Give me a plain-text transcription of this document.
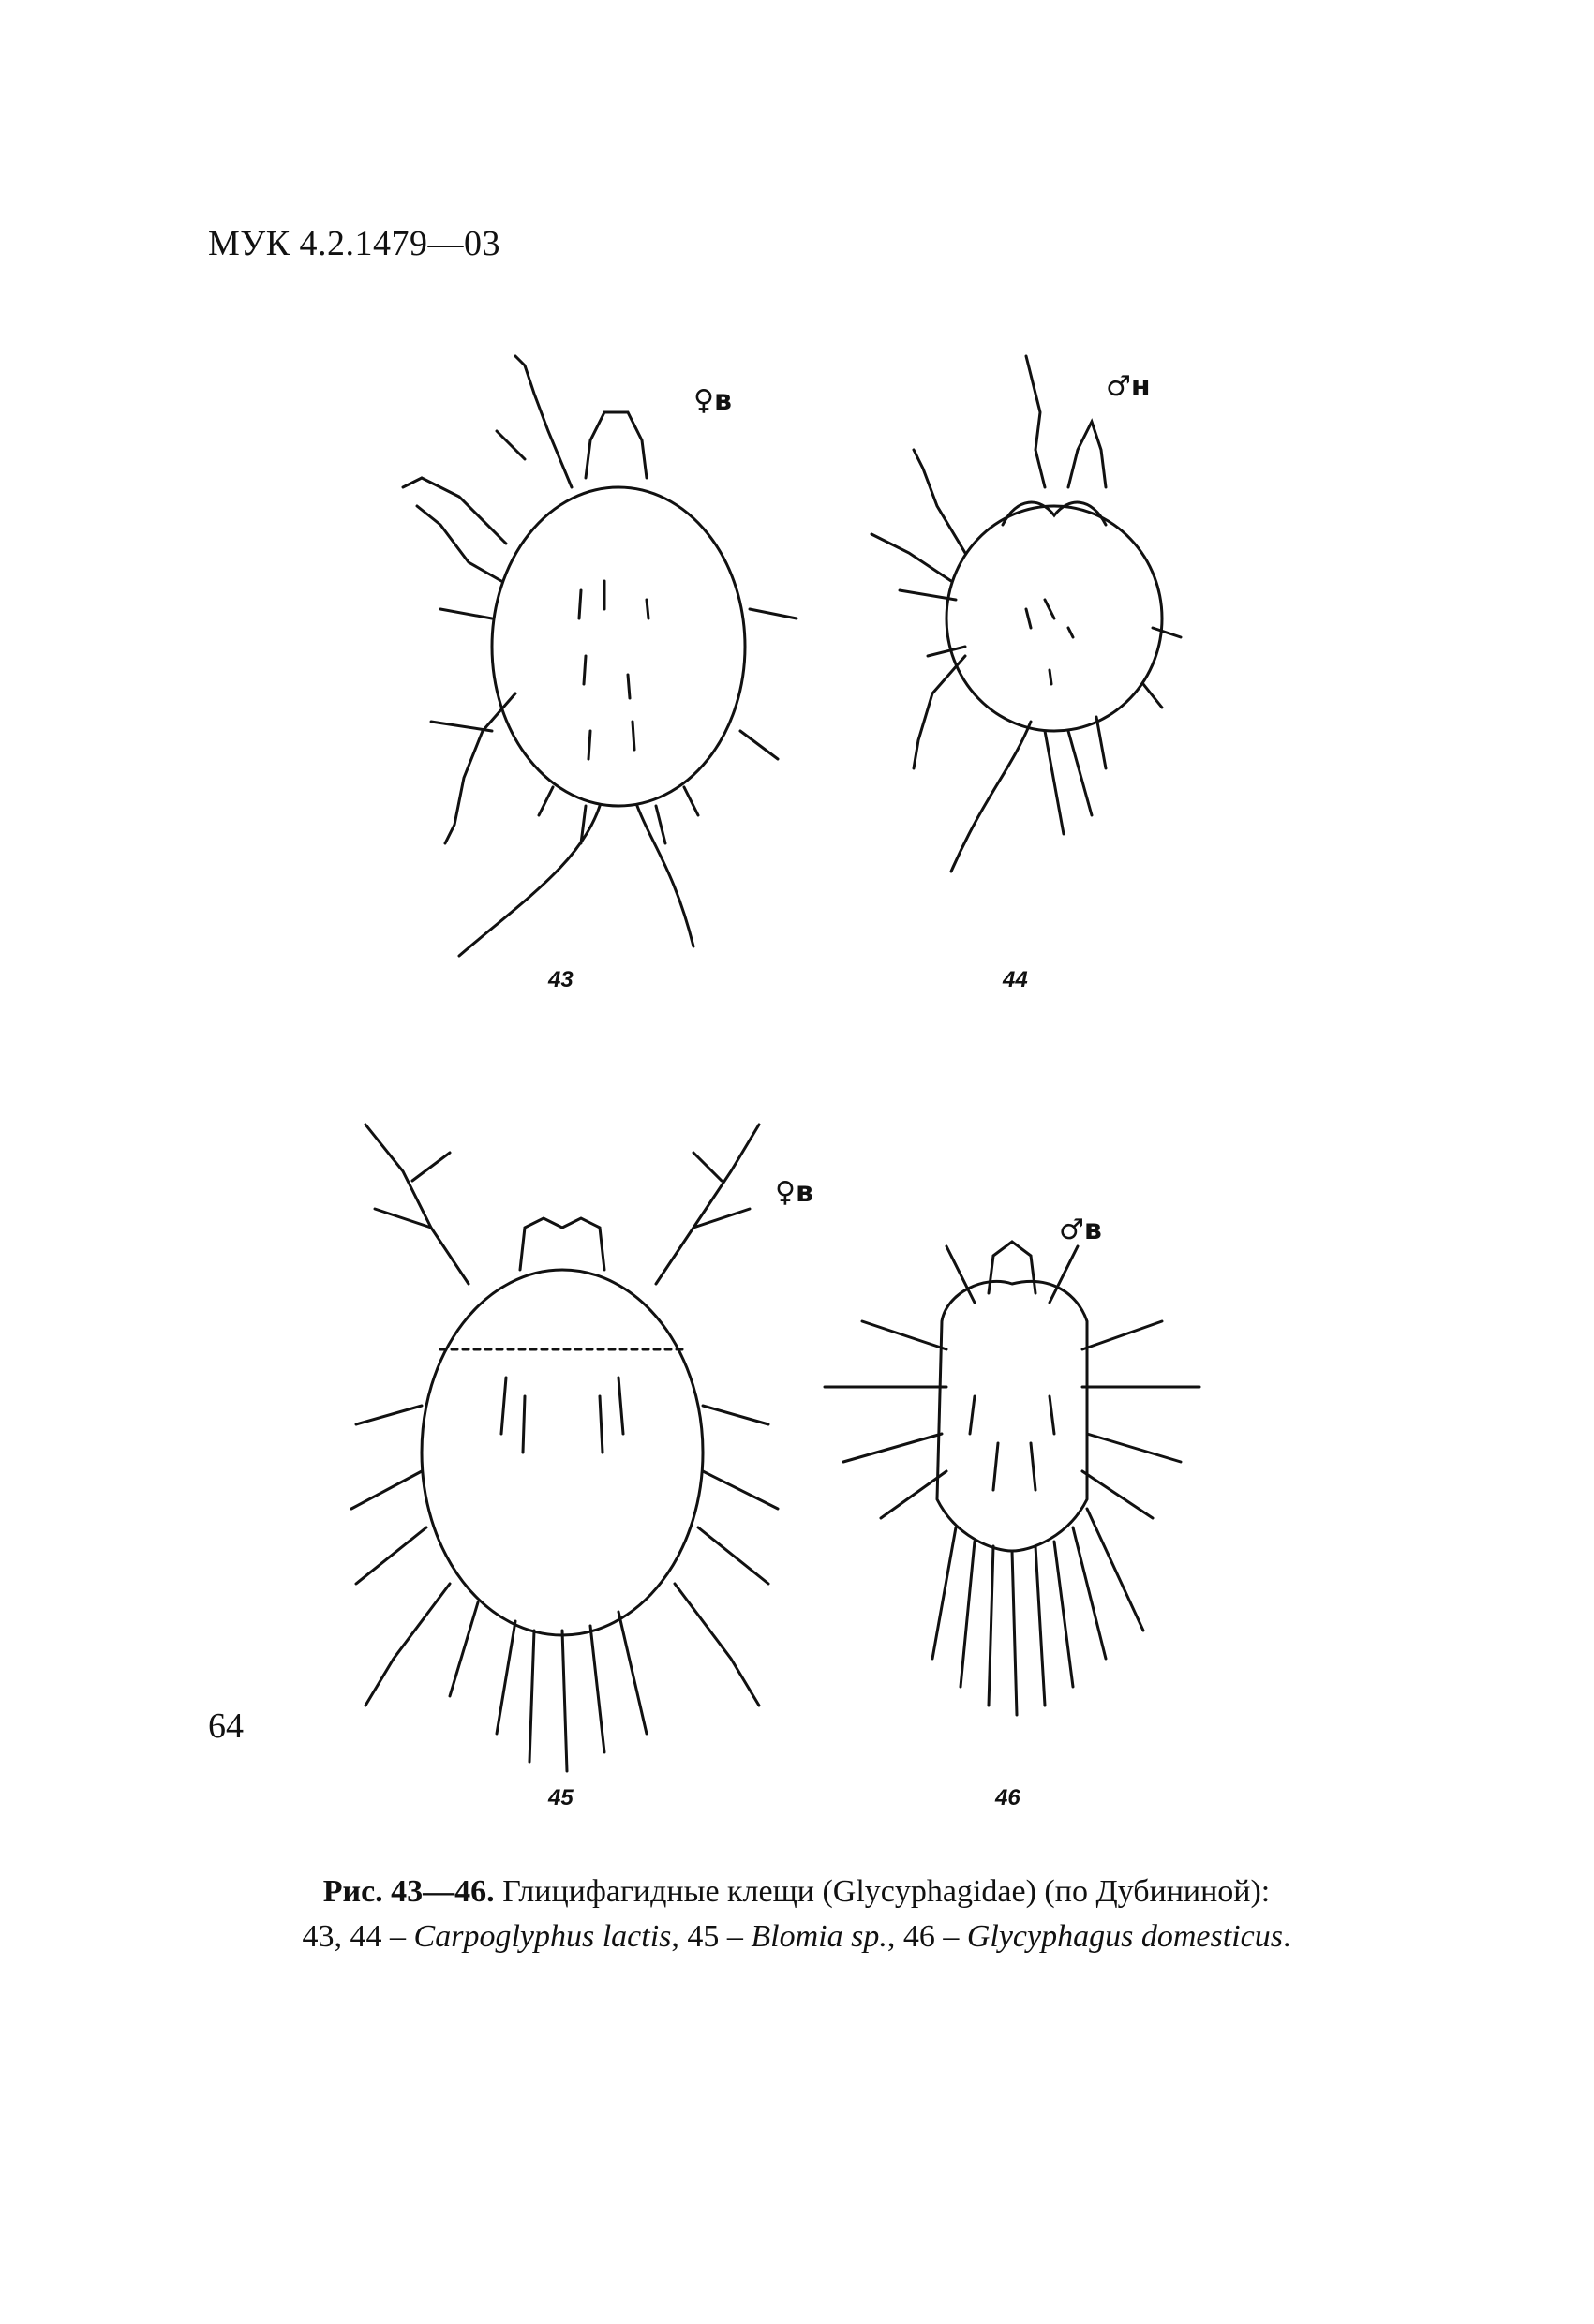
МУК 4.2.1479—03
♀в
43
♂н
44
♀в
45
♂в
46
Рис. 43—46. Глицифагидные клещи (Glycyphagidae) (по Дубининой):
43, 44 – Carpoglyphus lactis, 45 – Blomia sp., 46 – Glycyphagus domesticus.
64
